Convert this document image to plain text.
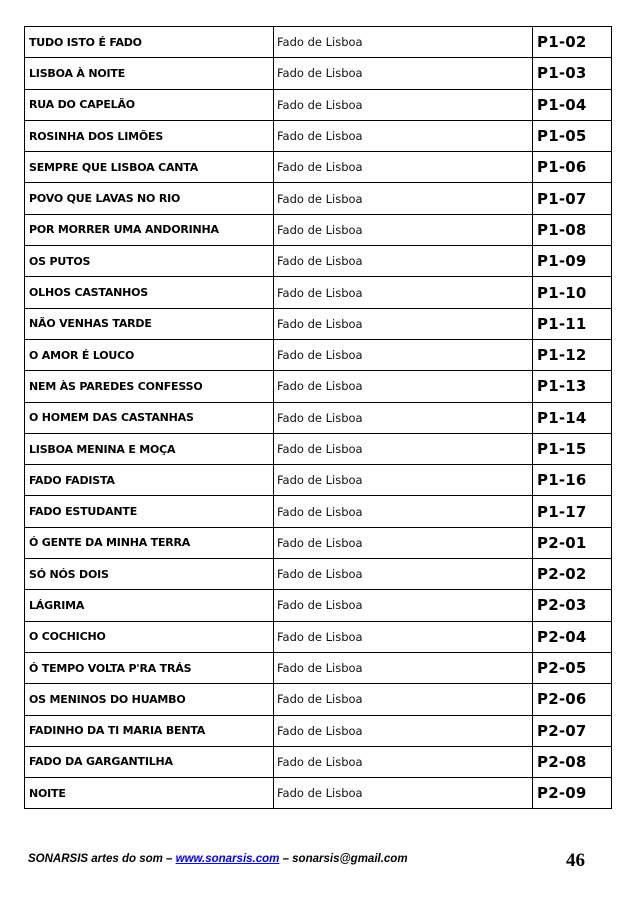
TUDO ISTO É FADO	Fado de Lisboa	P1-02
LISBOA À NOITE	Fado de Lisboa	P1-03
RUA DO CAPELÃO	Fado de Lisboa	P1-04
ROSINHA DOS LIMÕES	Fado de Lisboa	P1-05
SEMPRE QUE LISBOA CANTA	Fado de Lisboa	P1-06
POVO QUE LAVAS NO RIO	Fado de Lisboa	P1-07
POR MORRER UMA ANDORINHA	Fado de Lisboa	P1-08
OS PUTOS	Fado de Lisboa	P1-09
OLHOS CASTANHOS	Fado de Lisboa	P1-10
NÃO VENHAS TARDE	Fado de Lisboa	P1-11
O AMOR É LOUCO	Fado de Lisboa	P1-12
NEM ÀS PAREDES CONFESSO	Fado de Lisboa	P1-13
O HOMEM DAS CASTANHAS	Fado de Lisboa	P1-14
LISBOA MENINA E MOÇA	Fado de Lisboa	P1-15
FADO FADISTA	Fado de Lisboa	P1-16
FADO ESTUDANTE	Fado de Lisboa	P1-17
Ó GENTE DA MINHA TERRA	Fado de Lisboa	P2-01
SÓ NÓS DOIS	Fado de Lisboa	P2-02
LÁGRIMA	Fado de Lisboa	P2-03
O COCHICHO	Fado de Lisboa	P2-04
Ó TEMPO VOLTA P'RA TRÁS	Fado de Lisboa	P2-05
OS MENINOS DO HUAMBO	Fado de Lisboa	P2-06
FADINHO DA TI MARIA BENTA	Fado de Lisboa	P2-07
FADO DA GARGANTILHA	Fado de Lisboa	P2-08
NOITE	Fado de Lisboa	P2-09
SONARSIS artes do som – www.sonarsis.com – sonarsis@gmail.com	46
